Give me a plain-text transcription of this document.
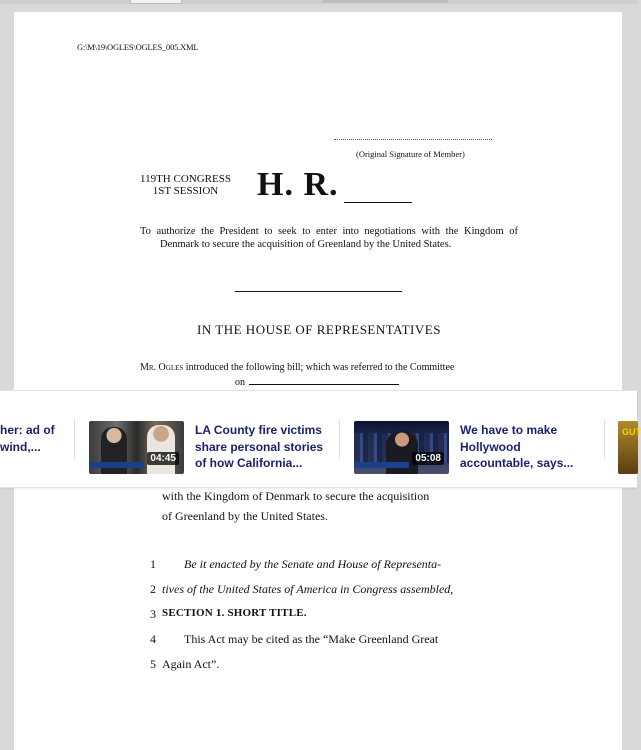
G:\M\19\OGLES\OGLES_005.XML
(Original Signature of Member)
119TH CONGRESS
1ST SESSION	H. R.
To authorize the President to seek to enter into negotiations with the Kingdom of Denmark to secure the acquisition of Greenland by the United States.
IN THE HOUSE OF REPRESENTATIVES
Mr. Ogles introduced the following bill; which was referred to the Committee
on
with the Kingdom of Denmark to secure the acquisition
of Greenland by the United States.
1 Be it enacted by the Senate and House of Representa-
2 tives of the United States of America in Congress assembled,
3 SECTION 1. SHORT TITLE.
4 This Act may be cited as the “Make Greenland Great
5 Again Act”.
her: ad of wind,...
04:45
LA County fire victims share personal stories of how California...	05:08
We have to make Hollywood accountable, says...
GUT
